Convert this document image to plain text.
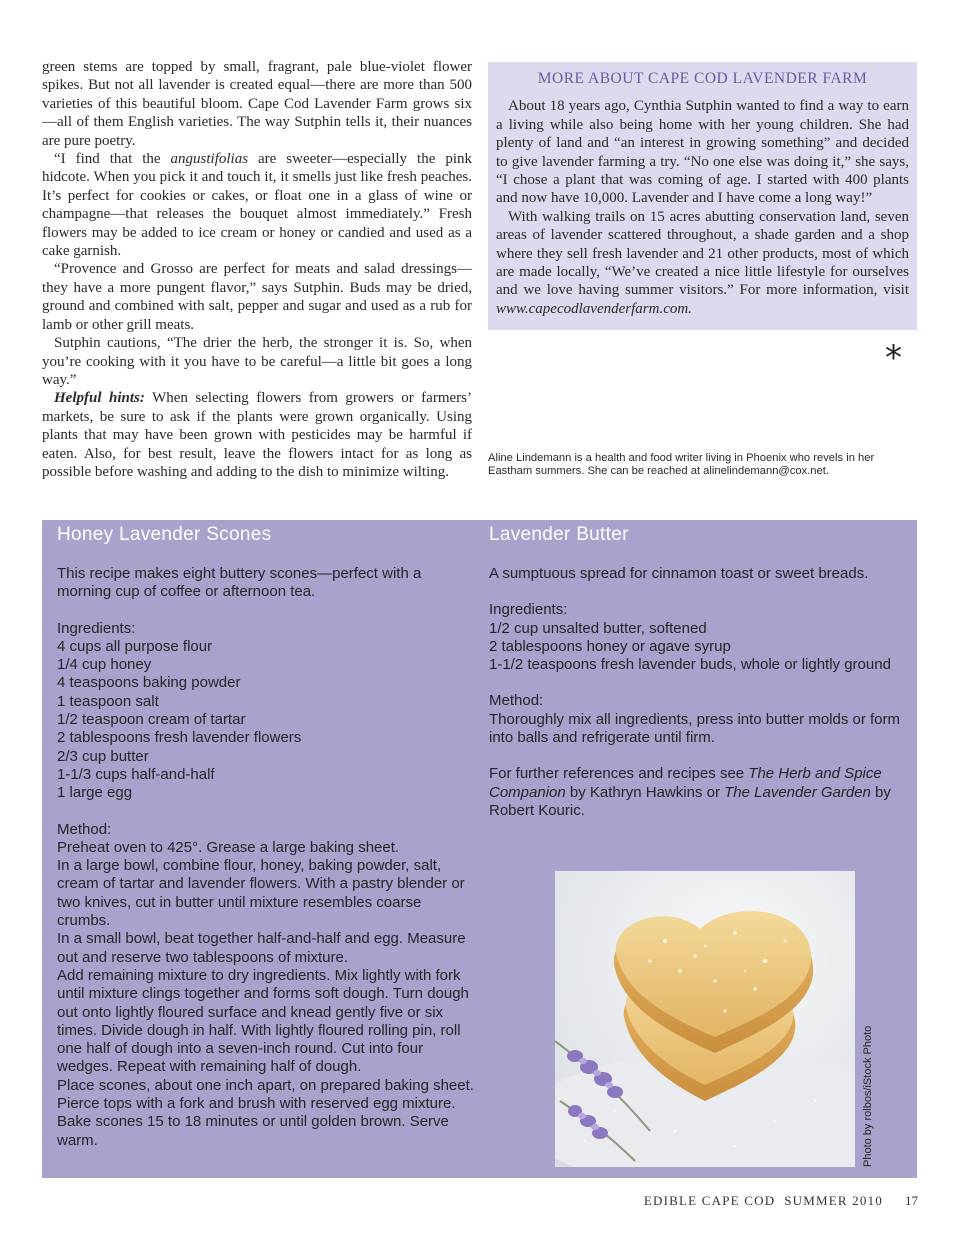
green stems are topped by small, fragrant, pale blue-violet flower spikes. But not all lavender is created equal—there are more than 500 varieties of this beautiful bloom. Cape Cod Lavender Farm grows six—all of them English varieties. The way Sutphin tells it, their nuances are pure poetry.

“I find that the angustifolias are sweeter—especially the pink hidcote. When you pick it and touch it, it smells just like fresh peaches. It’s perfect for cookies or cakes, or float one in a glass of wine or champagne—that releases the bouquet almost immediately.” Fresh flowers may be added to ice cream or honey or candied and used as a cake garnish.

“Provence and Grosso are perfect for meats and salad dressings—they have a more pungent flavor,” says Sutphin. Buds may be dried, ground and combined with salt, pepper and sugar and used as a rub for lamb or other grill meats.

Sutphin cautions, “The drier the herb, the stronger it is. So, when you’re cooking with it you have to be careful—a little bit goes a long way.”

Helpful hints: When selecting flowers from growers or farmers’ markets, be sure to ask if the plants were grown organically. Using plants that may have been grown with pesticides may be harmful if eaten. Also, for best result, leave the flowers intact for as long as possible before washing and adding to the dish to minimize wilting.

MORE ABOUT CAPE COD LAVENDER FARM

About 18 years ago, Cynthia Sutphin wanted to find a way to earn a living while also being home with her young children. She had plenty of land and “an interest in growing something” and decided to give lavender farming a try. “No one else was doing it,” she says, “I chose a plant that was coming of age. I started with 400 plants and now have 10,000. Lavender and I have come a long way!”

With walking trails on 15 acres abutting conservation land, seven areas of lavender scattered throughout, a shade garden and a shop where they sell fresh lavender and 21 other products, most of which are made locally, “We’ve created a nice little lifestyle for ourselves and we love having summer visitors.” For more information, visit www.capecodlavenderfarm.com.

*
Aline Lindemann is a health and food writer living in Phoenix who revels in her Eastham summers. She can be reached at alinelindemann@cox.net.
Honey Lavender Scones
This recipe makes eight buttery scones—perfect with a morning cup of coffee or afternoon tea.
Ingredients:
4 cups all purpose flour
1/4 cup honey
4 teaspoons baking powder
1 teaspoon salt
1/2 teaspoon cream of tartar
2 tablespoons fresh lavender flowers
2/3 cup butter
1-1/3 cups half-and-half
1 large egg
Method:
Preheat oven to 425°. Grease a large baking sheet.
In a large bowl, combine flour, honey, baking powder, salt, cream of tartar and lavender flowers. With a pastry blender or two knives, cut in butter until mixture resembles coarse crumbs.
In a small bowl, beat together half-and-half and egg. Measure out and reserve two tablespoons of mixture.
Add remaining mixture to dry ingredients. Mix lightly with fork until mixture clings together and forms soft dough. Turn dough out onto lightly floured surface and knead gently five or six times. Divide dough in half. With lightly floured rolling pin, roll one half of dough into a seven-inch round. Cut into four wedges. Repeat with remaining half of dough.
Place scones, about one inch apart, on prepared baking sheet. Pierce tops with a fork and brush with reserved egg mixture. Bake scones 15 to 18 minutes or until golden brown. Serve warm.
Lavender Butter
A sumptuous spread for cinnamon toast or sweet breads.
Ingredients:
1/2 cup unsalted butter, softened
2 tablespoons honey or agave syrup
1-1/2 teaspoons fresh lavender buds, whole or lightly ground
Method:
Thoroughly mix all ingredients, press into butter molds or form into balls and refrigerate until firm.
For further references and recipes see The Herb and Spice Companion by Kathryn Hawkins or The Lavender Garden by Robert Kouric.
Photo by rolbos/iStock Photo
EDIBLE CAPE COD SUMMER 2010 17
